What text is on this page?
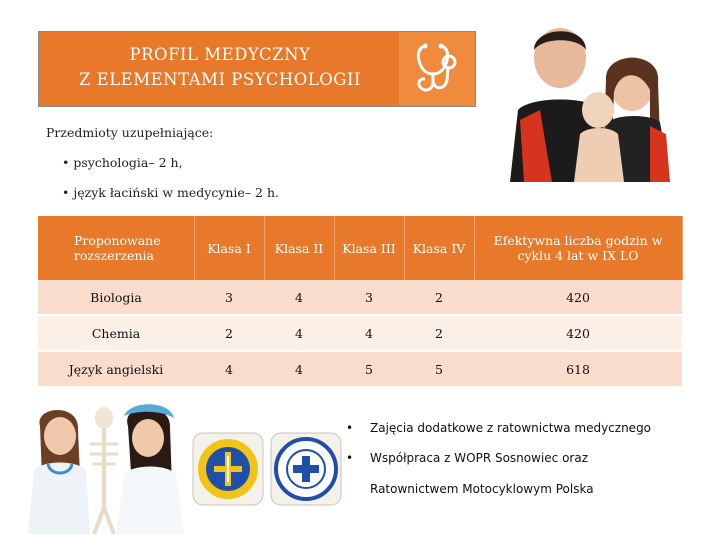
PROFIL MEDYCZNY
Z ELEMENTAMI PSYCHOLOGII
Przedmioty uzupełniające:
• psychologia– 2 h,
• język łaciński w medycynie– 2 h.
Proponowane rozszerzenia	Klasa I	Klasa II	Klasa III	Klasa IV	Efektywna liczba godzin w cyklu 4 lat w IX LO
Biologia	3	4	3	2	420
Chemia	2	4	4	2	420
Język angielski	4	4	5	5	618
• Zajęcia dodatkowe z ratownictwa medycznego
• Współpraca z WOPR Sosnowiec oraz
Ratownictwem Motocyklowym Polska
